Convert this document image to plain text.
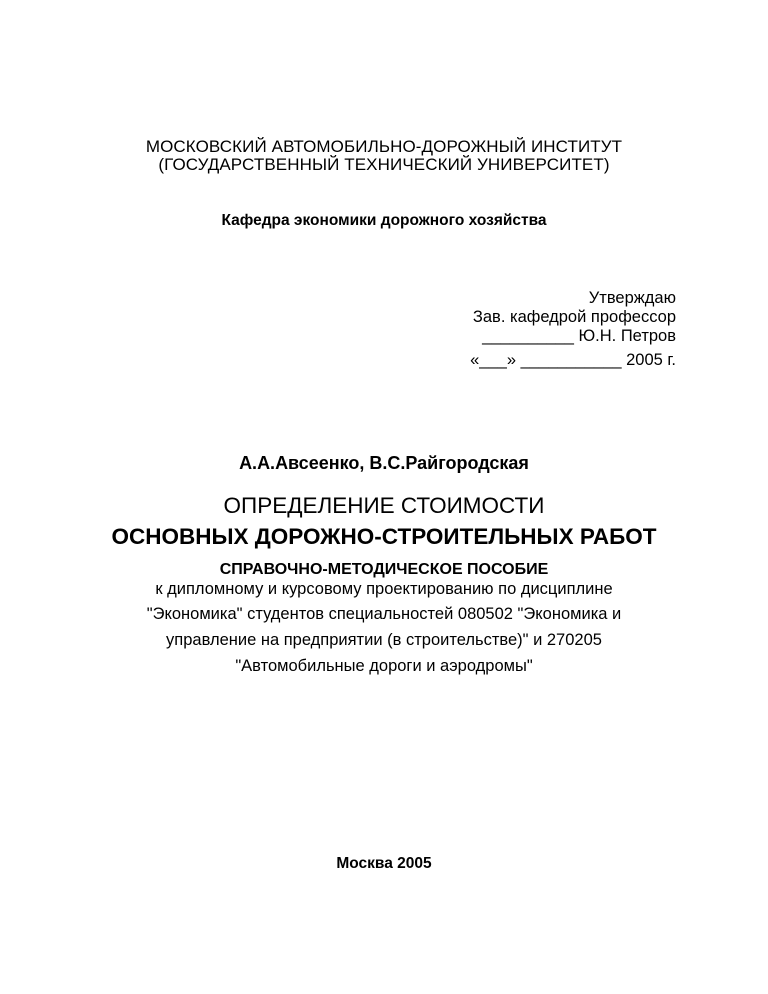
МОСКОВСКИЙ АВТОМОБИЛЬНО-ДОРОЖНЫЙ ИНСТИТУТ
(ГОСУДАРСТВЕННЫЙ ТЕХНИЧЕСКИЙ УНИВЕРСИТЕТ)
Кафедра экономики дорожного хозяйства
Утверждаю
Зав. кафедрой профессор
__________ Ю.Н. Петров
«___» ___________ 2005 г.
А.А.Авсеенко, В.С.Райгородская
ОПРЕДЕЛЕНИЕ СТОИМОСТИ
ОСНОВНЫХ ДОРОЖНО-СТРОИТЕЛЬНЫХ РАБОТ
СПРАВОЧНО-МЕТОДИЧЕСКОЕ ПОСОБИЕ
к дипломному и курсовому проектированию по дисциплине
"Экономика" студентов специальностей 080502 "Экономика и
управление на предприятии (в строительстве)" и 270205
"Автомобильные дороги и аэродромы"
Москва 2005
